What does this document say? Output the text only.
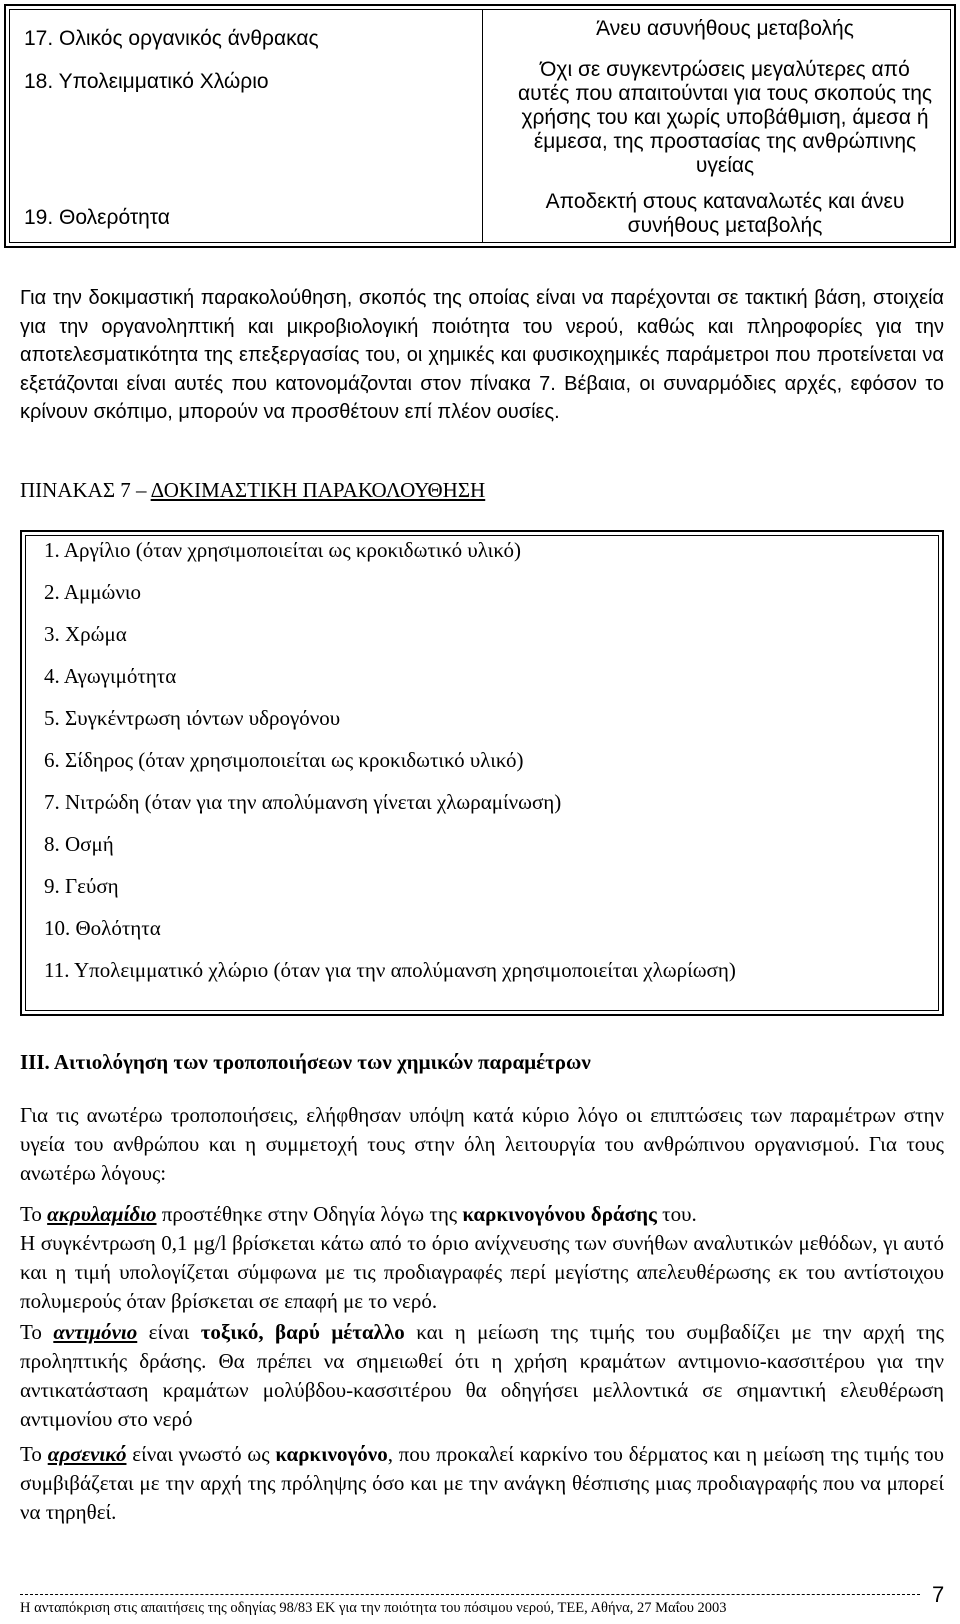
17. Ολικός οργανικός άνθρακας	Άνευ ασυνήθους μεταβολής
18. Υπολειμματικό Χλώριο
Όχι σε συγκεντρώσεις μεγαλύτερες από
αυτές που απαιτούνται για τους σκοπούς της
χρήσης του και χωρίς υποβάθμιση, άμεσα ή
έμμεσα, της προστασίας της ανθρώπινης
υγείας
19. Θολερότητα
Αποδεκτή στους καταναλωτές και άνευ
συνήθους μεταβολής
Για την δοκιμαστική παρακολούθηση, σκοπός της οποίας είναι να παρέχονται σε τακτική βάση, στοιχεία για την οργανοληπτική και μικροβιολογική ποιότητα του νερού, καθώς και πληροφορίες για την αποτελεσματικότητα της επεξεργασίας του, οι χημικές και φυσικοχημικές παράμετροι που προτείνεται να εξετάζονται είναι αυτές που κατονομάζονται στον πίνακα 7. Βέβαια, οι συναρμόδιες αρχές, εφόσον το κρίνουν σκόπιμο, μπορούν να προσθέτουν επί πλέον ουσίες.
ΠΙΝΑΚΑΣ 7 – ΔΟΚΙΜΑΣΤΙΚΗ ΠΑΡΑΚΟΛΟΥΘΗΣΗ
1. Αργίλιο (όταν χρησιμοποιείται ως κροκιδωτικό υλικό)
2. Αμμώνιο
3. Χρώμα
4. Αγωγιμότητα
5. Συγκέντρωση ιόντων υδρογόνου
6. Σίδηρος (όταν χρησιμοποιείται ως κροκιδωτικό υλικό)
7. Νιτρώδη (όταν για την απολύμανση γίνεται χλωραμίνωση)
8. Οσμή
9. Γεύση
10. Θολότητα
11. Υπολειμματικό χλώριο (όταν για την απολύμανση χρησιμοποιείται χλωρίωση)
ΙΙΙ. Αιτιολόγηση των τροποποιήσεων των χημικών παραμέτρων
Για τις ανωτέρω τροποποιήσεις, ελήφθησαν υπόψη κατά κύριο λόγο οι επιπτώσεις των παραμέτρων στην υγεία του ανθρώπου και η συμμετοχή τους στην όλη λειτουργία του ανθρώπινου οργανισμού. Για τους ανωτέρω λόγους:
Το ακρυλαμίδιο προστέθηκε στην Οδηγία λόγω της καρκινογόνου δράσης του.
Η συγκέντρωση 0,1 μg/l βρίσκεται κάτω από το όριο ανίχνευσης των συνήθων αναλυτικών μεθόδων, γι αυτό και η τιμή υπολογίζεται σύμφωνα με τις προδιαγραφές περί μεγίστης απελευθέρωσης εκ του αντίστοιχου πολυμερούς όταν βρίσκεται σε επαφή με το νερό.
Το αντιμόνιο είναι τοξικό, βαρύ μέταλλο και η μείωση της τιμής του συμβαδίζει με την αρχή της προληπτικής δράσης. Θα πρέπει να σημειωθεί ότι η χρήση κραμάτων αντιμονιο-κασσιτέρου για την αντικατάσταση κραμάτων μολύβδου-κασσιτέρου θα οδηγήσει μελλοντικά σε σημαντική ελευθέρωση αντιμονίου στο νερό
Το αρσενικό είναι γνωστό ως καρκινογόνο, που προκαλεί καρκίνο του δέρματος και η μείωση της τιμής του συμβιβάζεται με την αρχή της πρόληψης όσο και με την ανάγκη θέσπισης μιας προδιαγραφής που να μπορεί να τηρηθεί.
Η ανταπόκριση στις απαιτήσεις της οδηγίας 98/83 ΕΚ για την ποιότητα του πόσιμου νερού, ΤΕΕ, Αθήνα, 27 Μαΐου 2003
7
